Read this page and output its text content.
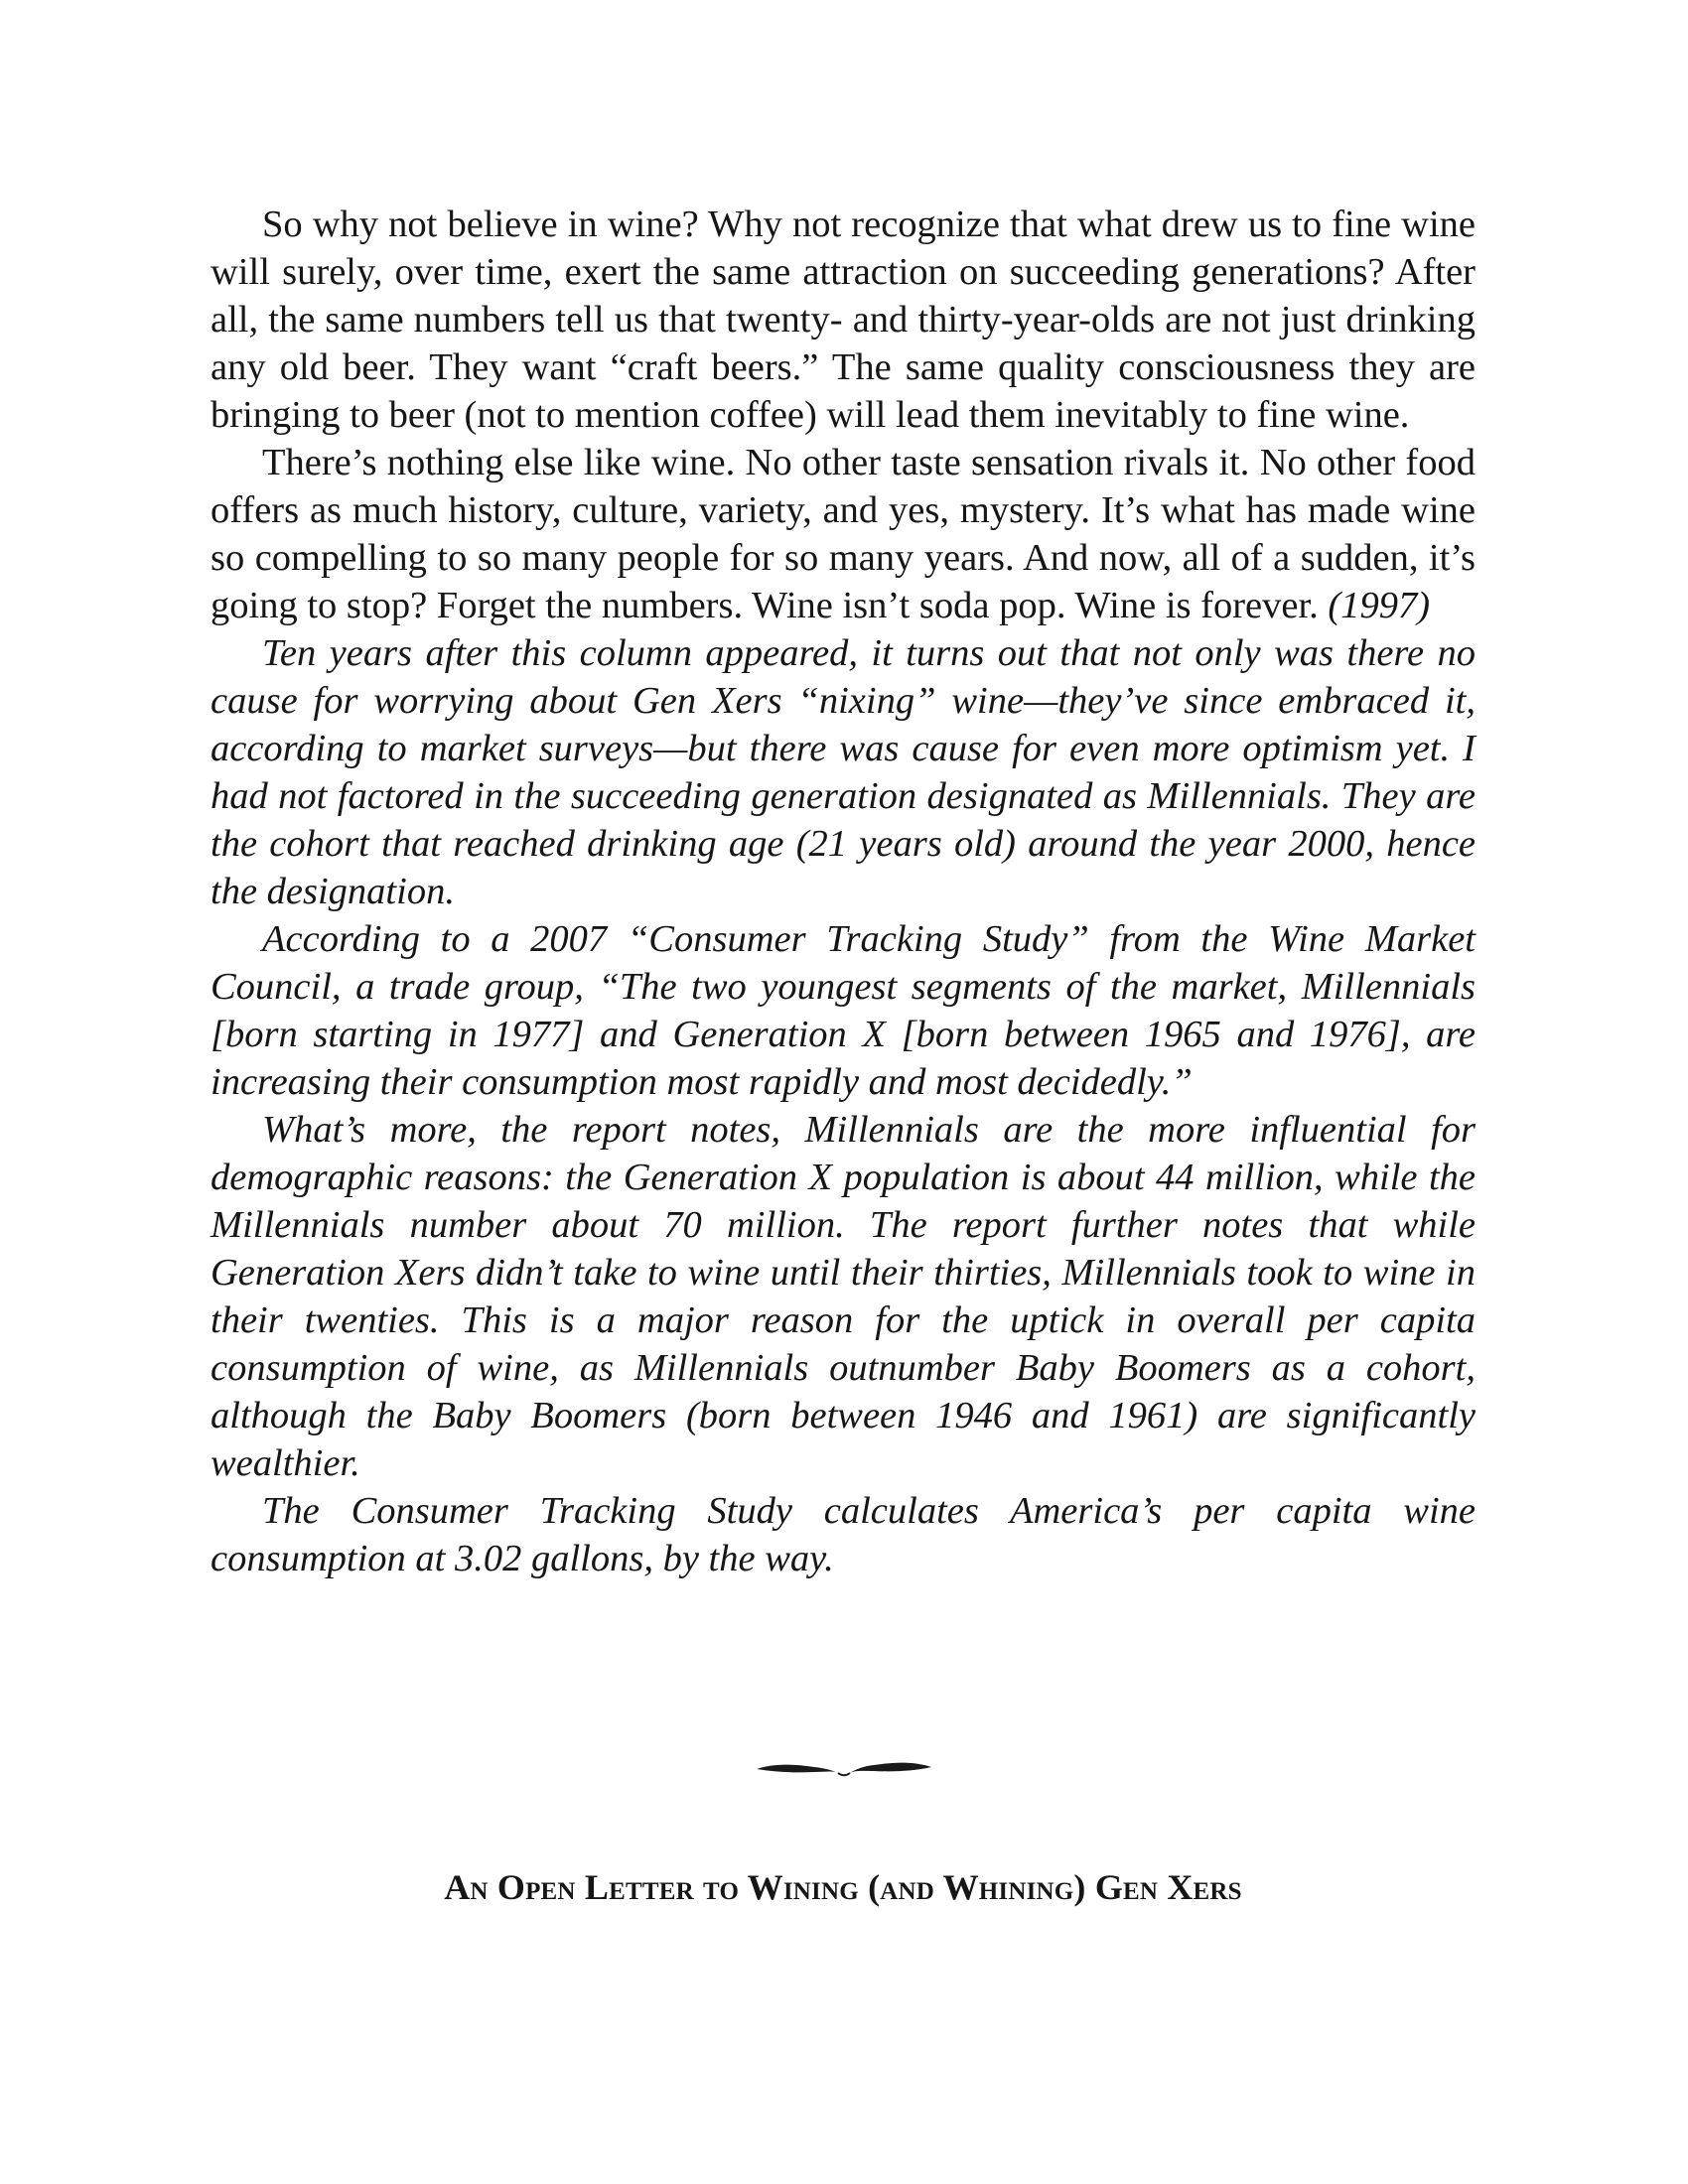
So why not believe in wine? Why not recognize that what drew us to fine wine will surely, over time, exert the same attraction on succeeding generations? After all, the same numbers tell us that twenty- and thirty-year-olds are not just drinking any old beer. They want “craft beers.” The same quality consciousness they are bringing to beer (not to mention coffee) will lead them inevitably to fine wine.

There’s nothing else like wine. No other taste sensation rivals it. No other food offers as much history, culture, variety, and yes, mystery. It’s what has made wine so compelling to so many people for so many years. And now, all of a sudden, it’s going to stop? Forget the numbers. Wine isn’t soda pop. Wine is forever. (1997)

Ten years after this column appeared, it turns out that not only was there no cause for worrying about Gen Xers “nixing” wine—they’ve since embraced it, according to market surveys—but there was cause for even more optimism yet. I had not factored in the succeeding generation designated as Millennials. They are the cohort that reached drinking age (21 years old) around the year 2000, hence the designation.

According to a 2007 “Consumer Tracking Study” from the Wine Market Council, a trade group, “The two youngest segments of the market, Millennials [born starting in 1977] and Generation X [born between 1965 and 1976], are increasing their consumption most rapidly and most decidedly.”

What’s more, the report notes, Millennials are the more influential for demographic reasons: the Generation X population is about 44 million, while the Millennials number about 70 million. The report further notes that while Generation Xers didn’t take to wine until their thirties, Millennials took to wine in their twenties. This is a major reason for the uptick in overall per capita consumption of wine, as Millennials outnumber Baby Boomers as a cohort, although the Baby Boomers (born between 1946 and 1961) are significantly wealthier.

The Consumer Tracking Study calculates America’s per capita wine consumption at 3.02 gallons, by the way.

An Open Letter to Wining (and Whining) Gen Xers
